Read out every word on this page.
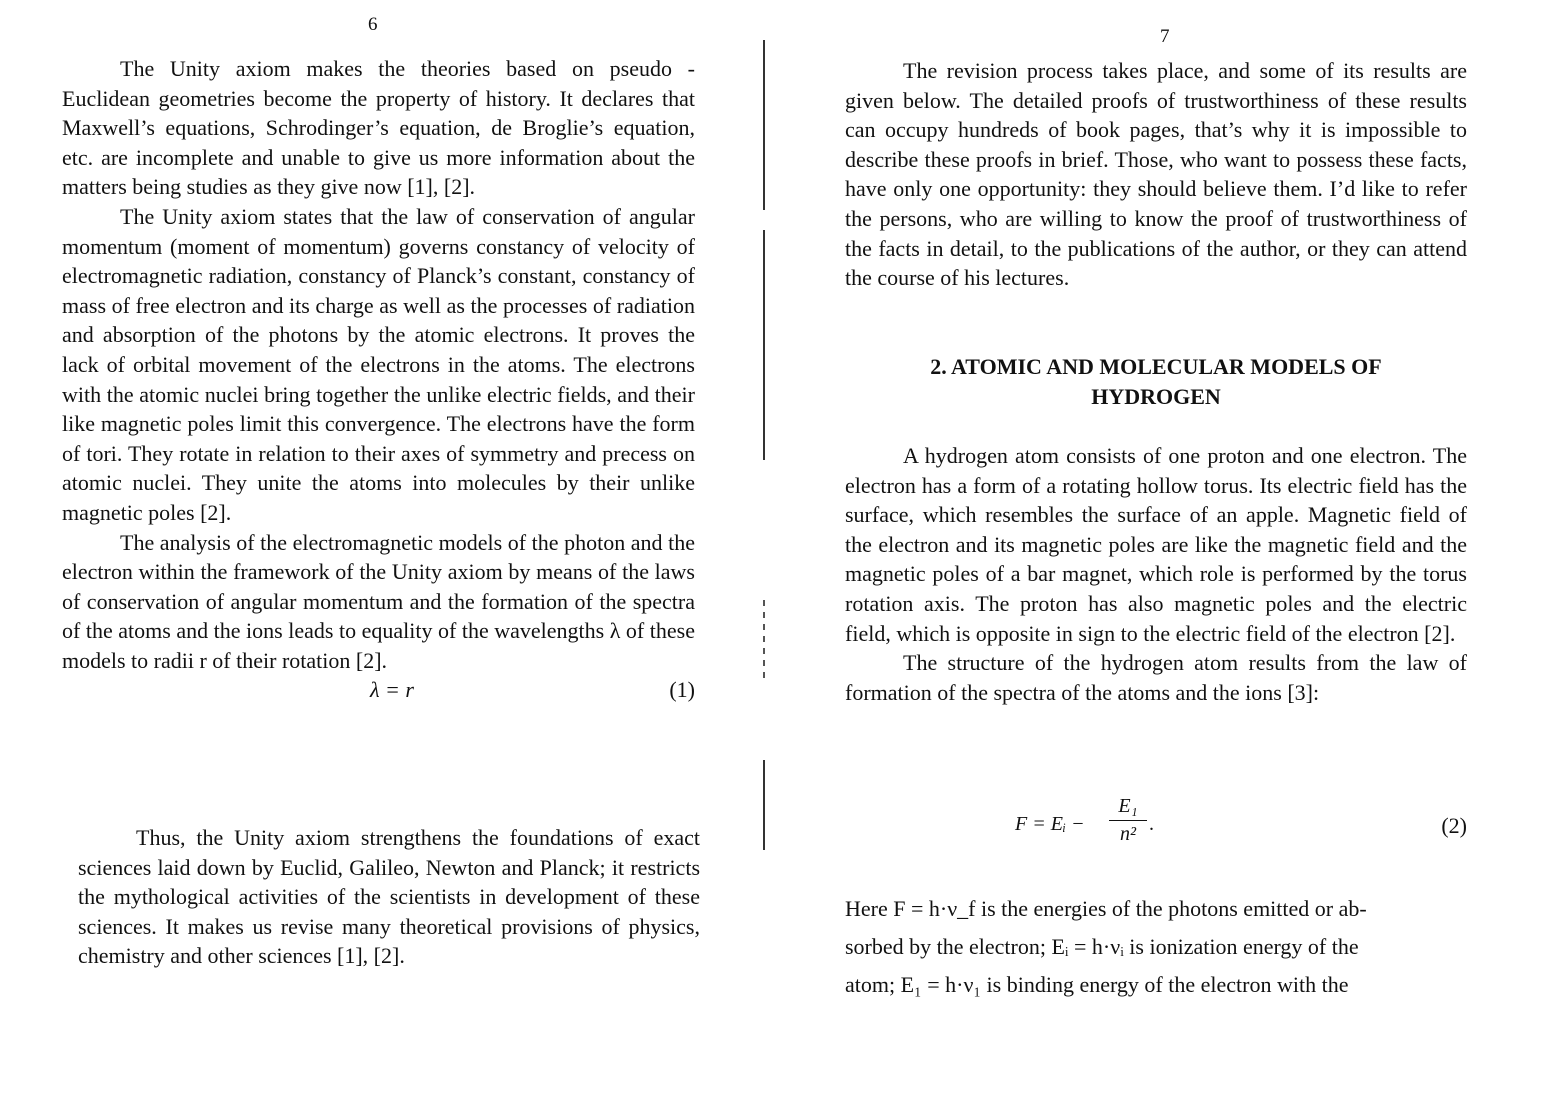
6

The Unity axiom makes the theories based on pseudo - Euclidean geometries become the property of history. It declares that Maxwell’s equations, Schrodinger’s equation, de Broglie’s equation, etc. are incomplete and unable to give us more information about the matters being studies as they give now [1], [2].

The Unity axiom states that the law of conservation of angular momentum (moment of momentum) governs constancy of velocity of electromagnetic radiation, constancy of Planck’s constant, constancy of mass of free electron and its charge as well as the processes of radiation and absorption of the photons by the atomic electrons. It proves the lack of orbital movement of the electrons in the atoms. The electrons with the atomic nuclei bring together the unlike electric fields, and their like magnetic poles limit this convergence. The electrons have the form of tori. They rotate in relation to their axes of symmetry and precess on atomic nuclei. They unite the atoms into molecules by their unlike magnetic poles [2].

The analysis of the electromagnetic models of the photon and the electron within the framework of the Unity axiom by means of the laws of conservation of angular momentum and the formation of the spectra of the atoms and the ions leads to equality of the wavelengths λ of these models to radii r of their rotation [2].

λ = r	(1)

Thus, the Unity axiom strengthens the foundations of exact sciences laid down by Euclid, Galileo, Newton and Planck; it restricts the mythological activities of the scientists in development of these sciences. It makes us revise many theoretical provisions of physics, chemistry and other sciences [1], [2].

7

The revision process takes place, and some of its results are given below. The detailed proofs of trustworthiness of these results can occupy hundreds of book pages, that’s why it is impossible to describe these proofs in brief. Those, who want to possess these facts, have only one opportunity: they should believe them. I’d like to refer the persons, who are willing to know the proof of trustworthiness of the facts in detail, to the publications of the author, or they can attend the course of his lectures.

2. ATOMIC AND MOLECULAR MODELS OF
HYDROGEN

A hydrogen atom consists of one proton and one electron. The electron has a form of a rotating hollow torus. Its electric field has the surface, which resembles the surface of an apple. Magnetic field of the electron and its magnetic poles are like the magnetic field and the magnetic poles of a bar magnet, which role is performed by the torus rotation axis. The proton has also magnetic poles and the electric field, which is opposite in sign to the electric field of the electron [2].

The structure of the hydrogen atom results from the law of formation of the spectra of the atoms and the ions [3]:

F = Eᵢ − $\frac{\text{E₁}}{\text{n²}}$ .	(2)

Here F = h·ν_f is the energies of the photons emitted or ab-

sorbed by the electron; Eᵢ = h·νᵢ is ionization energy of the

atom; E₁ = h·ν₁ is binding energy of the electron with the
